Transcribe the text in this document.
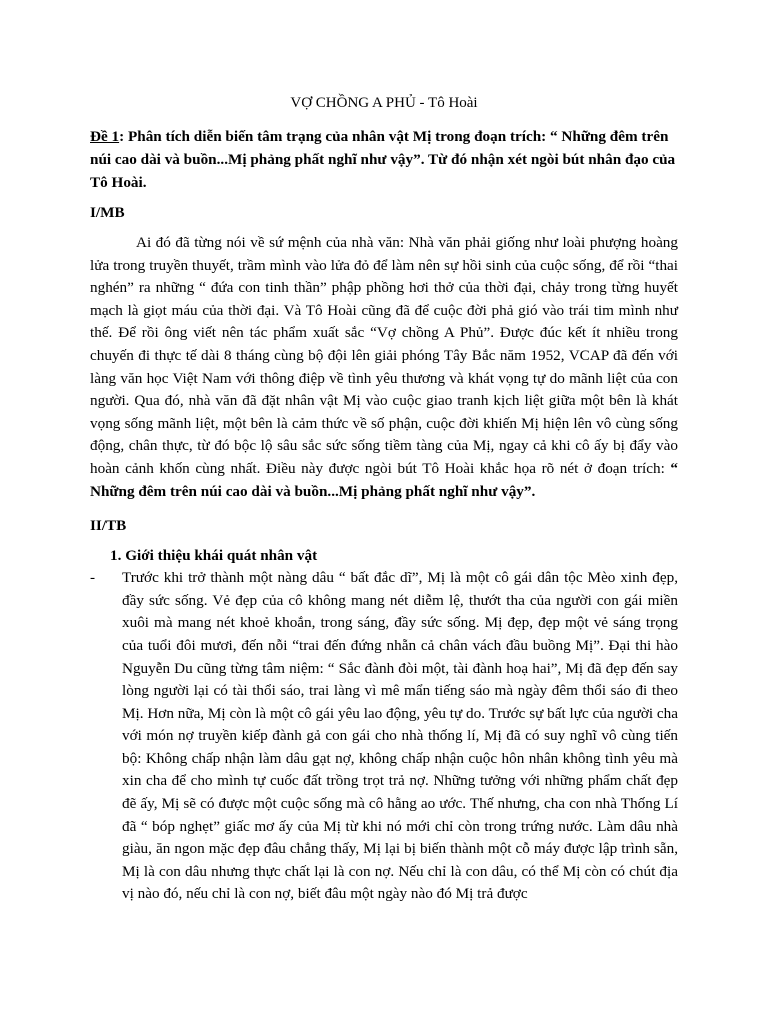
VỢ CHỒNG A PHỦ - Tô Hoài

Đề 1: Phân tích diễn biến tâm trạng của nhân vật Mị trong đoạn trích: “ Những đêm trên núi cao dài và buồn...Mị phảng phất nghĩ như vậy”. Từ đó nhận xét ngòi bút nhân đạo của Tô Hoài.

I/MB

Ai đó đã từng nói về sứ mệnh của nhà văn: Nhà văn phải giống như loài phượng hoàng lửa trong truyền thuyết, trầm mình vào lửa đỏ để làm nên sự hồi sinh của cuộc sống, để rồi “thai nghén” ra những “ đứa con tinh thần” phập phồng hơi thở của thời đại, chảy trong từng huyết mạch là giọt máu của thời đại. Và Tô Hoài cũng đã để cuộc đời phả gió vào trái tim mình như thế. Để rồi ông viết nên tác phẩm xuất sắc “Vợ chồng A Phủ”. Được đúc kết ít nhiều trong chuyến đi thực tế dài 8 tháng cùng bộ đội lên giải phóng Tây Bắc năm 1952, VCAP đã đến với làng văn học Việt Nam với thông điệp về tình yêu thương và khát vọng tự do mãnh liệt của con người. Qua đó, nhà văn đã đặt nhân vật Mị vào cuộc giao tranh kịch liệt giữa một bên là khát vọng sống mãnh liệt, một bên là cảm thức về số phận, cuộc đời khiến Mị hiện lên vô cùng sống động, chân thực, từ đó bộc lộ sâu sắc sức sống tiềm tàng của Mị, ngay cả khi cô ấy bị đẩy vào hoàn cảnh khốn cùng nhất. Điều này được ngòi bút Tô Hoài khắc họa rõ nét ở đoạn trích: “ Những đêm trên núi cao dài và buồn...Mị phảng phất nghĩ như vậy”.

II/TB

1. Giới thiệu khái quát nhân vật

- Trước khi trở thành một nàng dâu “ bất đắc dĩ”, Mị là một cô gái dân tộc Mèo xinh đẹp, đầy sức sống. Vẻ đẹp của cô không mang nét diễm lệ, thướt tha của người con gái miền xuôi mà mang nét khoẻ khoắn, trong sáng, đầy sức sống. Mị đẹp, đẹp một vẻ sáng trọng của tuổi đôi mươi, đến nỗi “trai đến đứng nhẵn cả chân vách đầu buồng Mị”. Đại thi hào Nguyễn Du cũng từng tâm niệm: “ Sắc đành đòi một, tài đành hoạ hai”, Mị đã đẹp đến say lòng người lại có tài thổi sáo, trai làng vì mê mẩn tiếng sáo mà ngày đêm thổi sáo đi theo Mị. Hơn nữa, Mị còn là một cô gái yêu lao động, yêu tự do. Trước sự bất lực của người cha với món nợ truyền kiếp đành gả con gái cho nhà thống lí, Mị đã có suy nghĩ vô cùng tiến bộ: Không chấp nhận làm dâu gạt nợ, không chấp nhận cuộc hôn nhân không tình yêu mà xin cha để cho mình tự cuốc đất trồng trọt trả nợ. Những tưởng với những phẩm chất đẹp đẽ ấy, Mị sẽ có được một cuộc sống mà cô hằng ao ước. Thế nhưng, cha con nhà Thống Lí đã “ bóp nghẹt” giấc mơ ấy của Mị từ khi nó mới chỉ còn trong trứng nước. Làm dâu nhà giàu, ăn ngon mặc đẹp đâu chẳng thấy, Mị lại bị biến thành một cỗ máy được lập trình sẵn, Mị là con dâu nhưng thực chất lại là con nợ. Nếu chỉ là con dâu, có thể Mị còn có chút địa vị nào đó, nếu chỉ là con nợ, biết đâu một ngày nào đó Mị trả được
